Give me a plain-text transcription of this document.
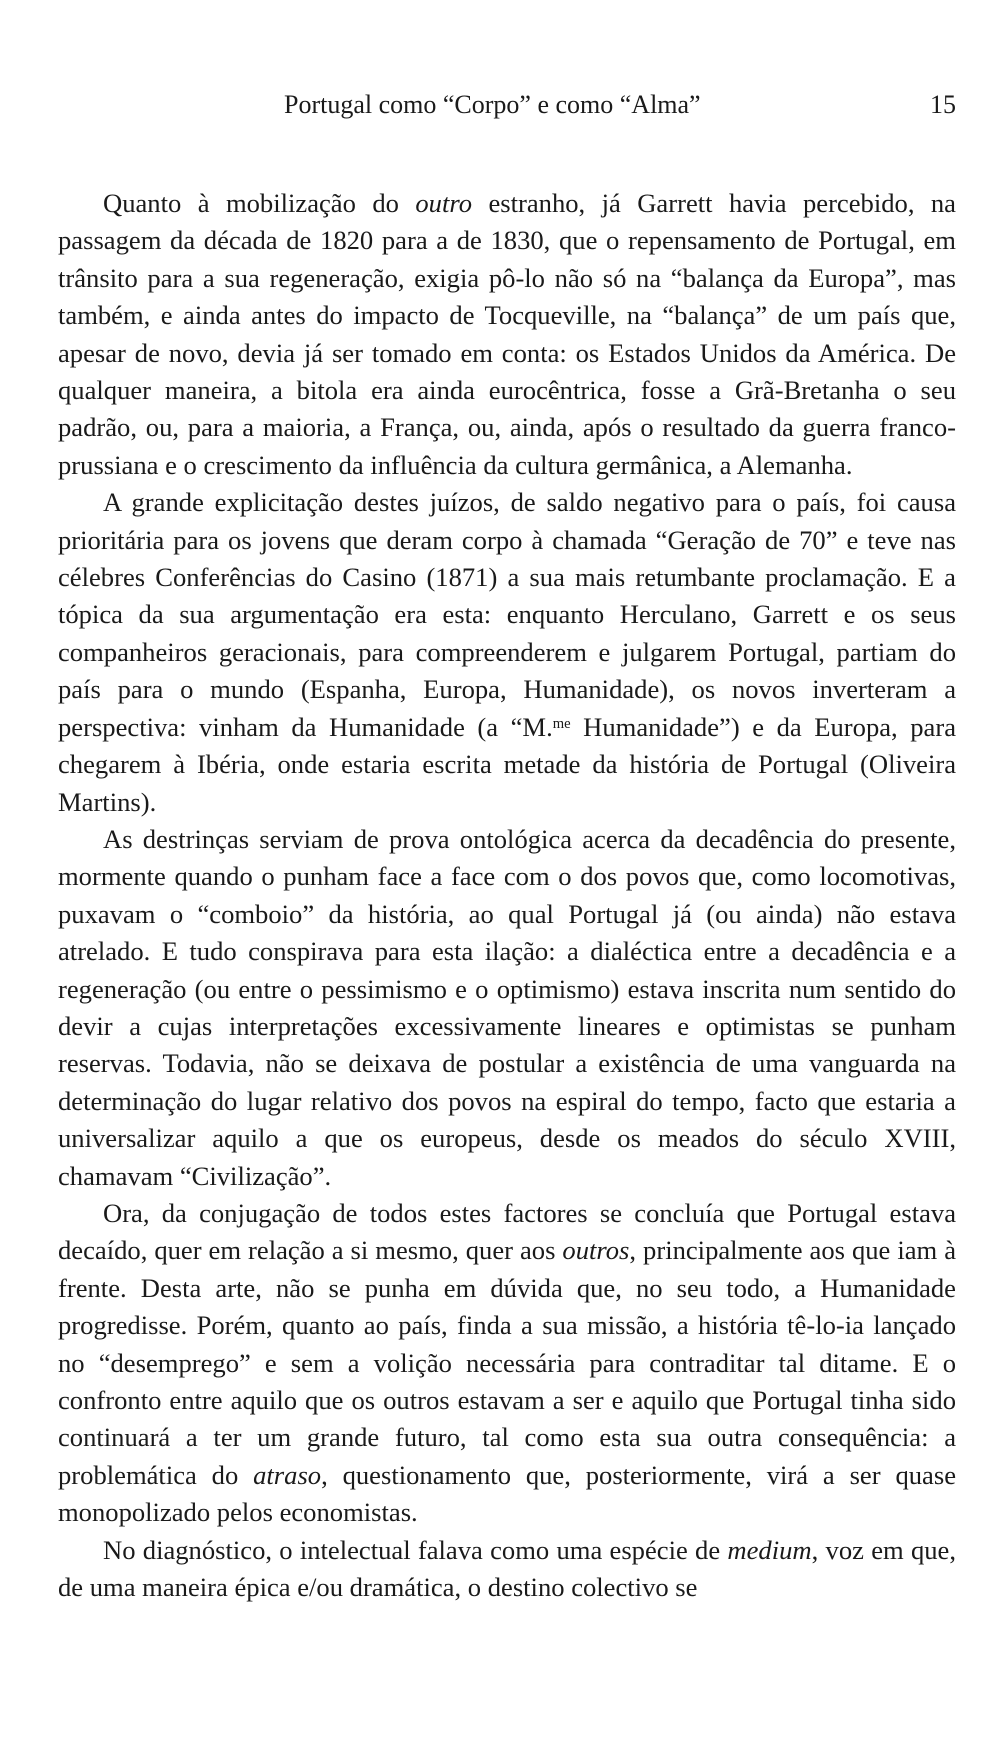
Portugal como “Corpo” e como “Alma”	15

Quanto à mobilização do outro estranho, já Garrett havia percebido, na passagem da década de 1820 para a de 1830, que o repensamento de Portugal, em trânsito para a sua regeneração, exigia pô-lo não só na “balança da Europa”, mas também, e ainda antes do impacto de Tocqueville, na “balança” de um país que, apesar de novo, devia já ser tomado em conta: os Estados Unidos da América. De qualquer maneira, a bitola era ainda eurocêntrica, fosse a Grã-Bretanha o seu padrão, ou, para a maioria, a França, ou, ainda, após o resultado da guerra franco-prussiana e o crescimento da influência da cultura germânica, a Alemanha.

A grande explicitação destes juízos, de saldo negativo para o país, foi causa prioritária para os jovens que deram corpo à chamada “Geração de 70” e teve nas célebres Conferências do Casino (1871) a sua mais retumbante proclamação. E a tópica da sua argumentação era esta: enquanto Herculano, Garrett e os seus companheiros geracionais, para compreenderem e julgarem Portugal, partiam do país para o mundo (Espanha, Europa, Humanidade), os novos inverteram a perspectiva: vinham da Humanidade (a “M.$^{me}$ Humanidade”) e da Europa, para chegarem à Ibéria, onde estaria escrita metade da história de Portugal (Oliveira Martins).

As destrinças serviam de prova ontológica acerca da decadência do presente, mormente quando o punham face a face com o dos povos que, como locomotivas, puxavam o “comboio” da história, ao qual Portugal já (ou ainda) não estava atrelado. E tudo conspirava para esta ilação: a dialéctica entre a decadência e a regeneração (ou entre o pessimismo e o optimismo) estava inscrita num sentido do devir a cujas interpretações excessivamente lineares e optimistas se punham reservas. Todavia, não se deixava de postular a existência de uma vanguarda na determinação do lugar relativo dos povos na espiral do tempo, facto que estaria a universalizar aquilo a que os europeus, desde os meados do século XVIII, chamavam “Civilização”.

Ora, da conjugação de todos estes factores se concluía que Portugal estava decaído, quer em relação a si mesmo, quer aos outros, principalmente aos que iam à frente. Desta arte, não se punha em dúvida que, no seu todo, a Humanidade progredisse. Porém, quanto ao país, finda a sua missão, a história tê-lo-ia lançado no “desemprego” e sem a volição necessária para contraditar tal ditame. E o confronto entre aquilo que os outros estavam a ser e aquilo que Portugal tinha sido continuará a ter um grande futuro, tal como esta sua outra consequência: a problemática do atraso, questionamento que, posteriormente, virá a ser quase monopolizado pelos economistas.

No diagnóstico, o intelectual falava como uma espécie de medium, voz em que, de uma maneira épica e/ou dramática, o destino colectivo se
